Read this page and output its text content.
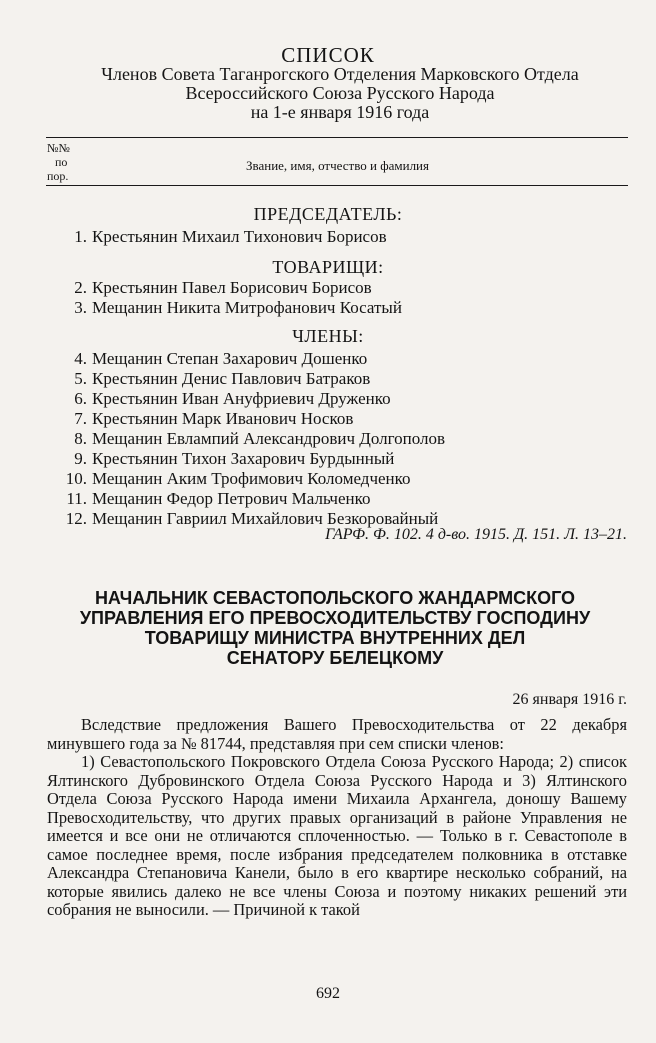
СПИСОК
Членов Совета Таганрогского Отделения Марковского Отдела
Всероссийского Союза Русского Народа
на 1-е января 1916 года
№№
по
пор.
Звание, имя, отчество и фамилия
ПРЕДСЕДАТЕЛЬ:
1. Крестьянин Михаил Тихонович Борисов
ТОВАРИЩИ:
2. Крестьянин Павел Борисович Борисов
3. Мещанин Никита Митрофанович Косатый
ЧЛЕНЫ:
4. Мещанин Степан Захарович Дошенко
5. Крестьянин Денис Павлович Батраков
6. Крестьянин Иван Ануфриевич Друженко
7. Крестьянин Марк Иванович Носков
8. Мещанин Евлампий Александрович Долгополов
9. Крестьянин Тихон Захарович Бурдынный
10. Мещанин Аким Трофимович Коломедченко
11. Мещанин Федор Петрович Мальченко
12. Мещанин Гавриил Михайлович Безкоровайный
ГАРФ. Ф. 102. 4 д-во. 1915. Д. 151. Л. 13–21.
НАЧАЛЬНИК СЕВАСТОПОЛЬСКОГО ЖАНДАРМСКОГО
УПРАВЛЕНИЯ ЕГО ПРЕВОСХОДИТЕЛЬСТВУ ГОСПОДИНУ
ТОВАРИЩУ МИНИСТРА ВНУТРЕННИХ ДЕЛ
СЕНАТОРУ БЕЛЕЦКОМУ
26 января 1916 г.

Вследствие предложения Вашего Превосходительства от 22 декабря минувшего года за № 81744, представляя при сем списки членов:

1) Севастопольского Покровского Отдела Союза Русского Народа; 2) список Ялтинского Дубровинского Отдела Союза Русского Народа и 3) Ялтинского Отдела Союза Русского Народа имени Михаила Архангела, доношу Вашему Превосходительству, что других правых организаций в районе Управления не имеется и все они не отличаются сплоченностью. — Только в г. Севастополе в самое последнее время, после избрания председателем полковника в отставке Александра Степановича Канели, было в его квартире несколько собраний, на которые явились далеко не все члены Союза и поэтому никаких решений эти собрания не выносили. — Причиной к такой

692
